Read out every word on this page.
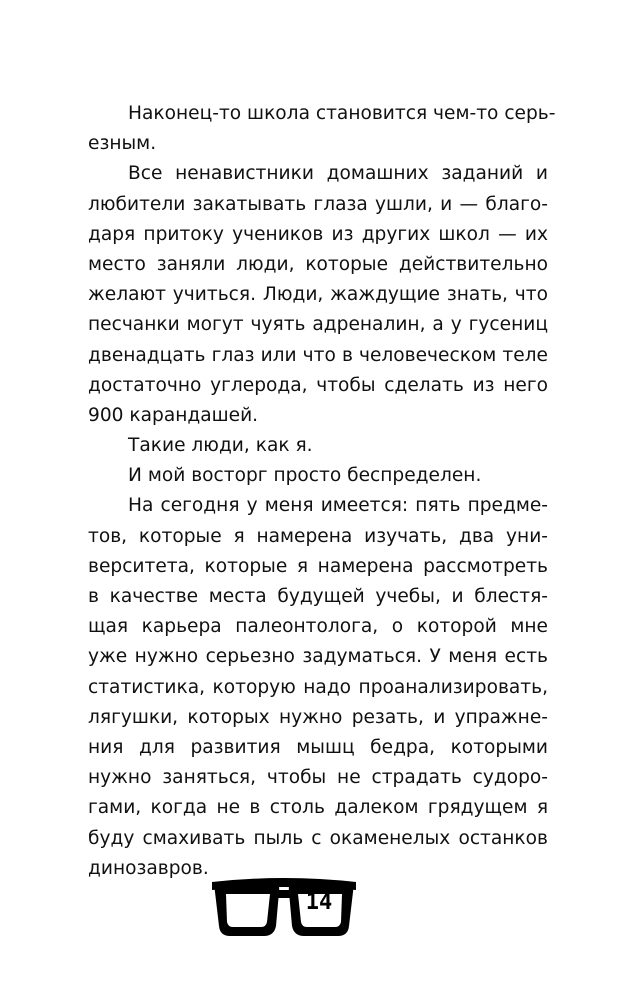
Наконец-то школа становится чем-то серь-
езным.
Все ненавистники домашних заданий и
любители закатывать глаза ушли, и — благо-
даря притоку учеников из других школ — их
место заняли люди, которые действительно
желают учиться. Люди, жаждущие знать, что
песчанки могут чуять адреналин, а у гусениц
двенадцать глаз или что в человеческом теле
достаточно углерода, чтобы сделать из него
900 карандашей.
Такие люди, как я.
И мой восторг просто беспределен.
На сегодня у меня имеется: пять предме-
тов, которые я намерена изучать, два уни-
верситета, которые я намерена рассмотреть
в качестве места будущей учебы, и блестя-
щая карьера палеонтолога, о которой мне
уже нужно серьезно задуматься. У меня есть
статистика, которую надо проанализировать,
лягушки, которых нужно резать, и упражне-
ния для развития мышц бедра, которыми
нужно заняться, чтобы не страдать судоро-
гами, когда не в столь далеком грядущем я
буду смахивать пыль с окаменелых останков
динозавров.
14
